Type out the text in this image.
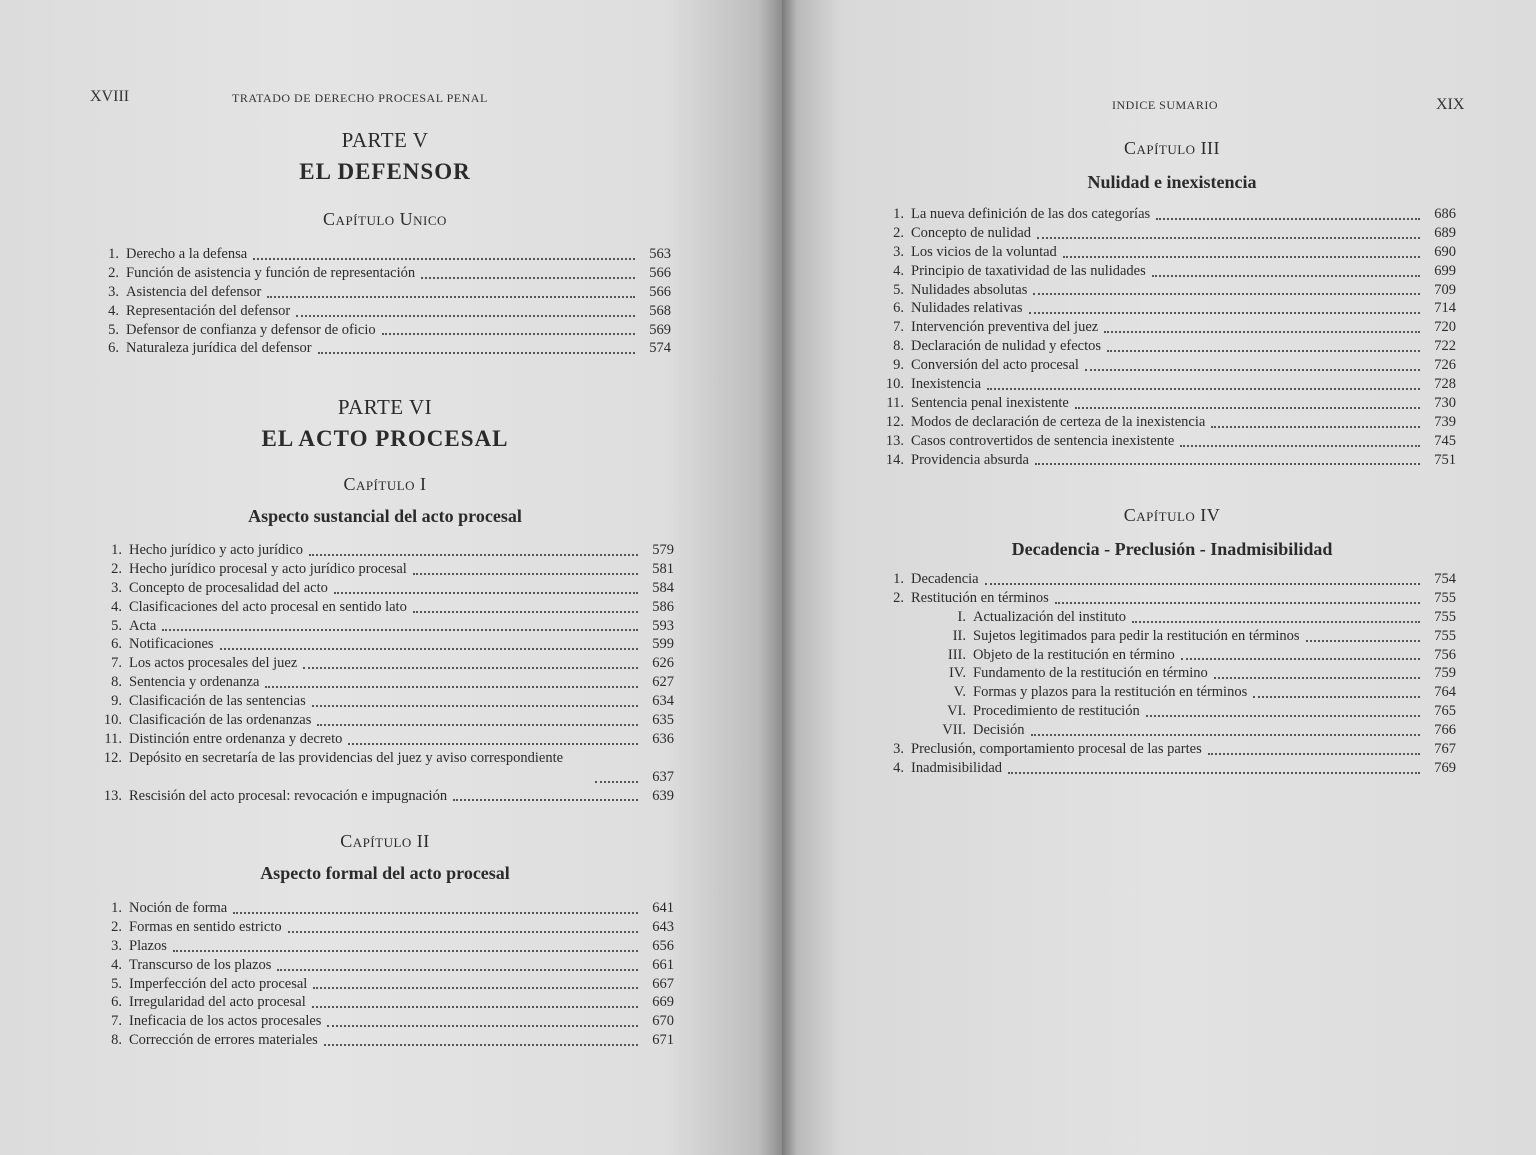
XVIII	TRATADO DE DERECHO PROCESAL PENAL
PARTE V
EL DEFENSOR
Capítulo Unico
1. Derecho a la defensa	563
2. Función de asistencia y función de representación	566
3. Asistencia del defensor	566
4. Representación del defensor	568
5. Defensor de confianza y defensor de oficio	569
6. Naturaleza jurídica del defensor	574
PARTE VI
EL ACTO PROCESAL
Capítulo I
Aspecto sustancial del acto procesal
1. Hecho jurídico y acto jurídico	579
2. Hecho jurídico procesal y acto jurídico procesal	581
3. Concepto de procesalidad del acto	584
4. Clasificaciones del acto procesal en sentido lato	586
5. Acta	593
6. Notificaciones	599
7. Los actos procesales del juez	626
8. Sentencia y ordenanza	627
9. Clasificación de las sentencias	634
10. Clasificación de las ordenanzas	635
11. Distinción entre ordenanza y decreto	636
12. Depósito en secretaría de las providencias del juez y aviso correspondiente
637
13. Rescisión del acto procesal: revocación e impugnación	639
Capítulo II
Aspecto formal del acto procesal
1. Noción de forma	641
2. Formas en sentido estricto	643
3. Plazos	656
4. Transcurso de los plazos	661
5. Imperfección del acto procesal	667
6. Irregularidad del acto procesal	669
7. Ineficacia de los actos procesales	670
8. Corrección de errores materiales	671
INDICE SUMARIO	XIX
Capítulo III
Nulidad e inexistencia
1. La nueva definición de las dos categorías	686
2. Concepto de nulidad	689
3. Los vicios de la voluntad	690
4. Principio de taxatividad de las nulidades	699
5. Nulidades absolutas	709
6. Nulidades relativas	714
7. Intervención preventiva del juez	720
8. Declaración de nulidad y efectos	722
9. Conversión del acto procesal	726
10. Inexistencia	728
11. Sentencia penal inexistente	730
12. Modos de declaración de certeza de la inexistencia	739
13. Casos controvertidos de sentencia inexistente	745
14. Providencia absurda	751
Capítulo IV
Decadencia - Preclusión - Inadmisibilidad
1. Decadencia	754
2. Restitución en términos	755
I. Actualización del instituto	755
II. Sujetos legitimados para pedir la restitución en términos	755
III. Objeto de la restitución en término	756
IV. Fundamento de la restitución en término	759
V. Formas y plazos para la restitución en términos	764
VI. Procedimiento de restitución	765
VII. Decisión	766
3. Preclusión, comportamiento procesal de las partes	767
4. Inadmisibilidad	769
